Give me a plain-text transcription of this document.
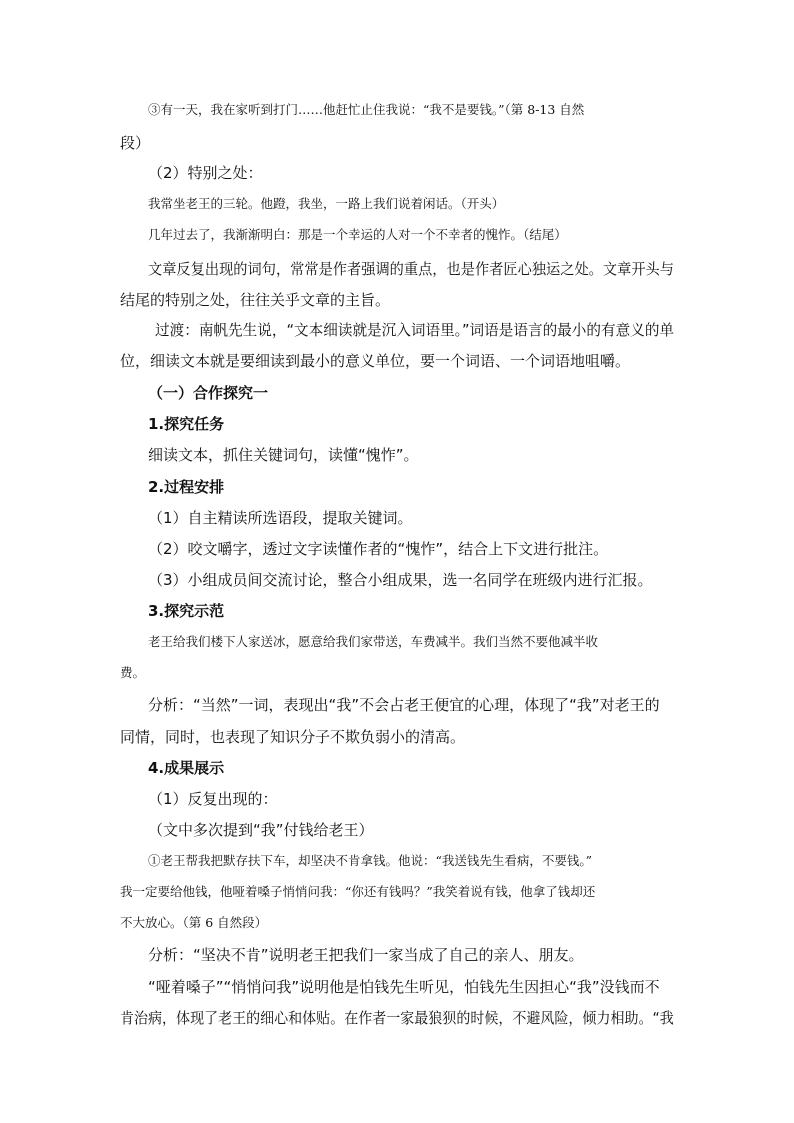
③有一天，我在家听到打门……他赶忙止住我说：“我不是要钱。”（第 8-13 自然
段）
（2）特别之处：
我常坐老王的三轮。他蹬，我坐，一路上我们说着闲话。（开头）
几年过去了，我渐渐明白：那是一个幸运的人对一个不幸者的愧怍。（结尾）
文章反复出现的词句，常常是作者强调的重点，也是作者匠心独运之处。文章开头与
结尾的特别之处，往往关乎文章的主旨。
过渡：南帆先生说，“文本细读就是沉入词语里。”词语是语言的最小的有意义的单
位，细读文本就是要细读到最小的意义单位，要一个词语、一个词语地咀嚼。
（一）合作探究一
1.探究任务
细读文本，抓住关键词句，读懂“愧怍”。
2.过程安排
（1）自主精读所选语段，提取关键词。
（2）咬文嚼字，透过文字读懂作者的“愧怍”，结合上下文进行批注。
（3）小组成员间交流讨论，整合小组成果，选一名同学在班级内进行汇报。
3.探究示范
老王给我们楼下人家送冰，愿意给我们家带送，车费减半。我们当然不要他减半收
费。
分析：“当然”一词，表现出“我”不会占老王便宜的心理，体现了“我”对老王的
同情，同时，也表现了知识分子不欺负弱小的清高。
4.成果展示
（1）反复出现的：
（文中多次提到“我”付钱给老王）
①老王帮我把默存扶下车，却坚决不肯拿钱。他说：“我送钱先生看病，不要钱。”
我一定要给他钱，他哑着嗓子悄悄问我：“你还有钱吗？”我笑着说有钱，他拿了钱却还
不大放心。（第 6 自然段）
分析：“坚决不肯”说明老王把我们一家当成了自己的亲人、朋友。
“哑着嗓子”“悄悄问我”说明他是怕钱先生听见，怕钱先生因担心“我”没钱而不
肯治病，体现了老王的细心和体贴。在作者一家最狼狈的时候，不避风险，倾力相助。“我
